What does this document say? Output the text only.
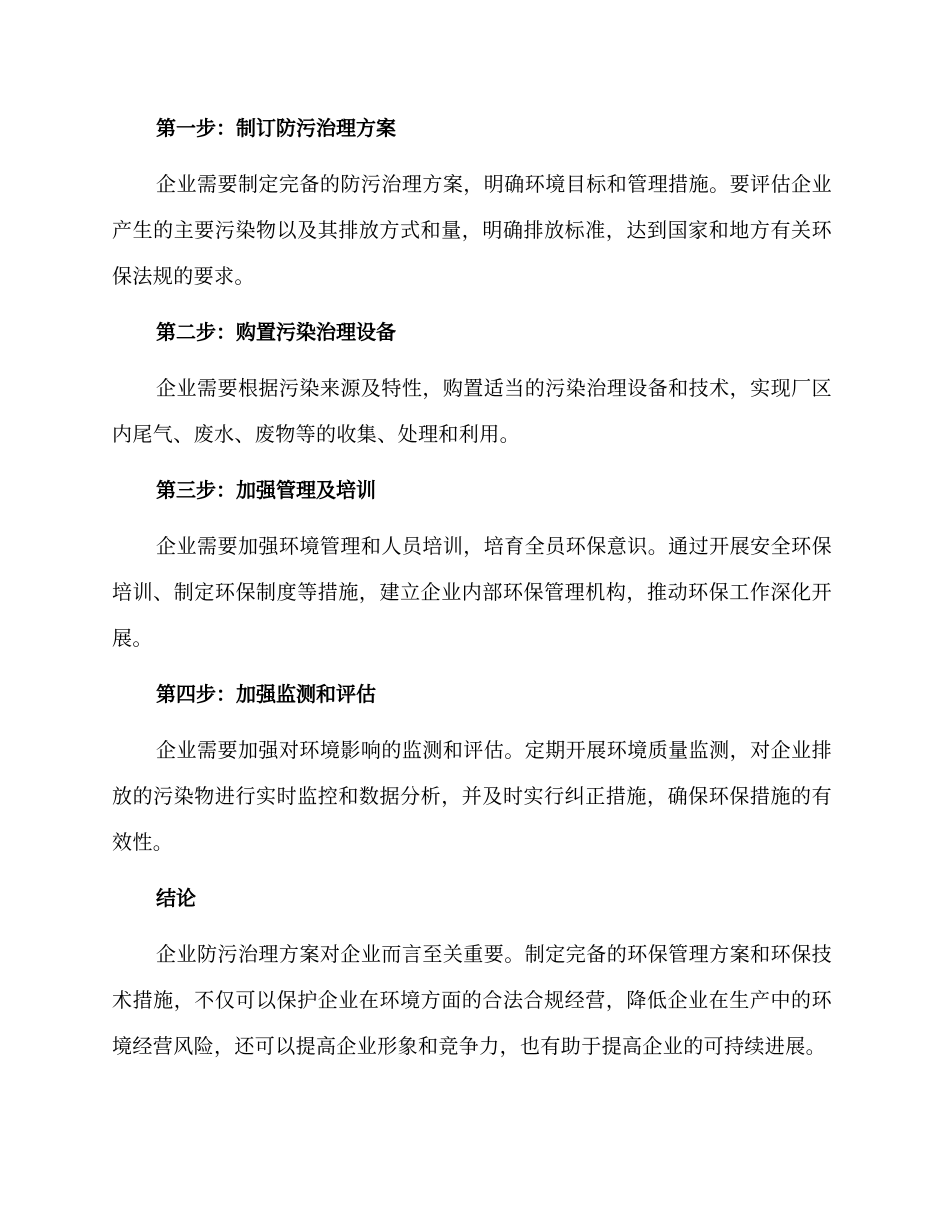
第一步：制订防污治理方案

企业需要制定完备的防污治理方案，明确环境目标和管理措施。要评估企业产生的主要污染物以及其排放方式和量，明确排放标准，达到国家和地方有关环保法规的要求。

第二步：购置污染治理设备

企业需要根据污染来源及特性，购置适当的污染治理设备和技术，实现厂区内尾气、废水、废物等的收集、处理和利用。

第三步：加强管理及培训

企业需要加强环境管理和人员培训，培育全员环保意识。通过开展安全环保培训、制定环保制度等措施，建立企业内部环保管理机构，推动环保工作深化开展。

第四步：加强监测和评估

企业需要加强对环境影响的监测和评估。定期开展环境质量监测，对企业排放的污染物进行实时监控和数据分析，并及时实行纠正措施，确保环保措施的有效性。

结论

企业防污治理方案对企业而言至关重要。制定完备的环保管理方案和环保技术措施，不仅可以保护企业在环境方面的合法合规经营，降低企业在生产中的环境经营风险，还可以提高企业形象和竞争力，也有助于提高企业的可持续进展。
